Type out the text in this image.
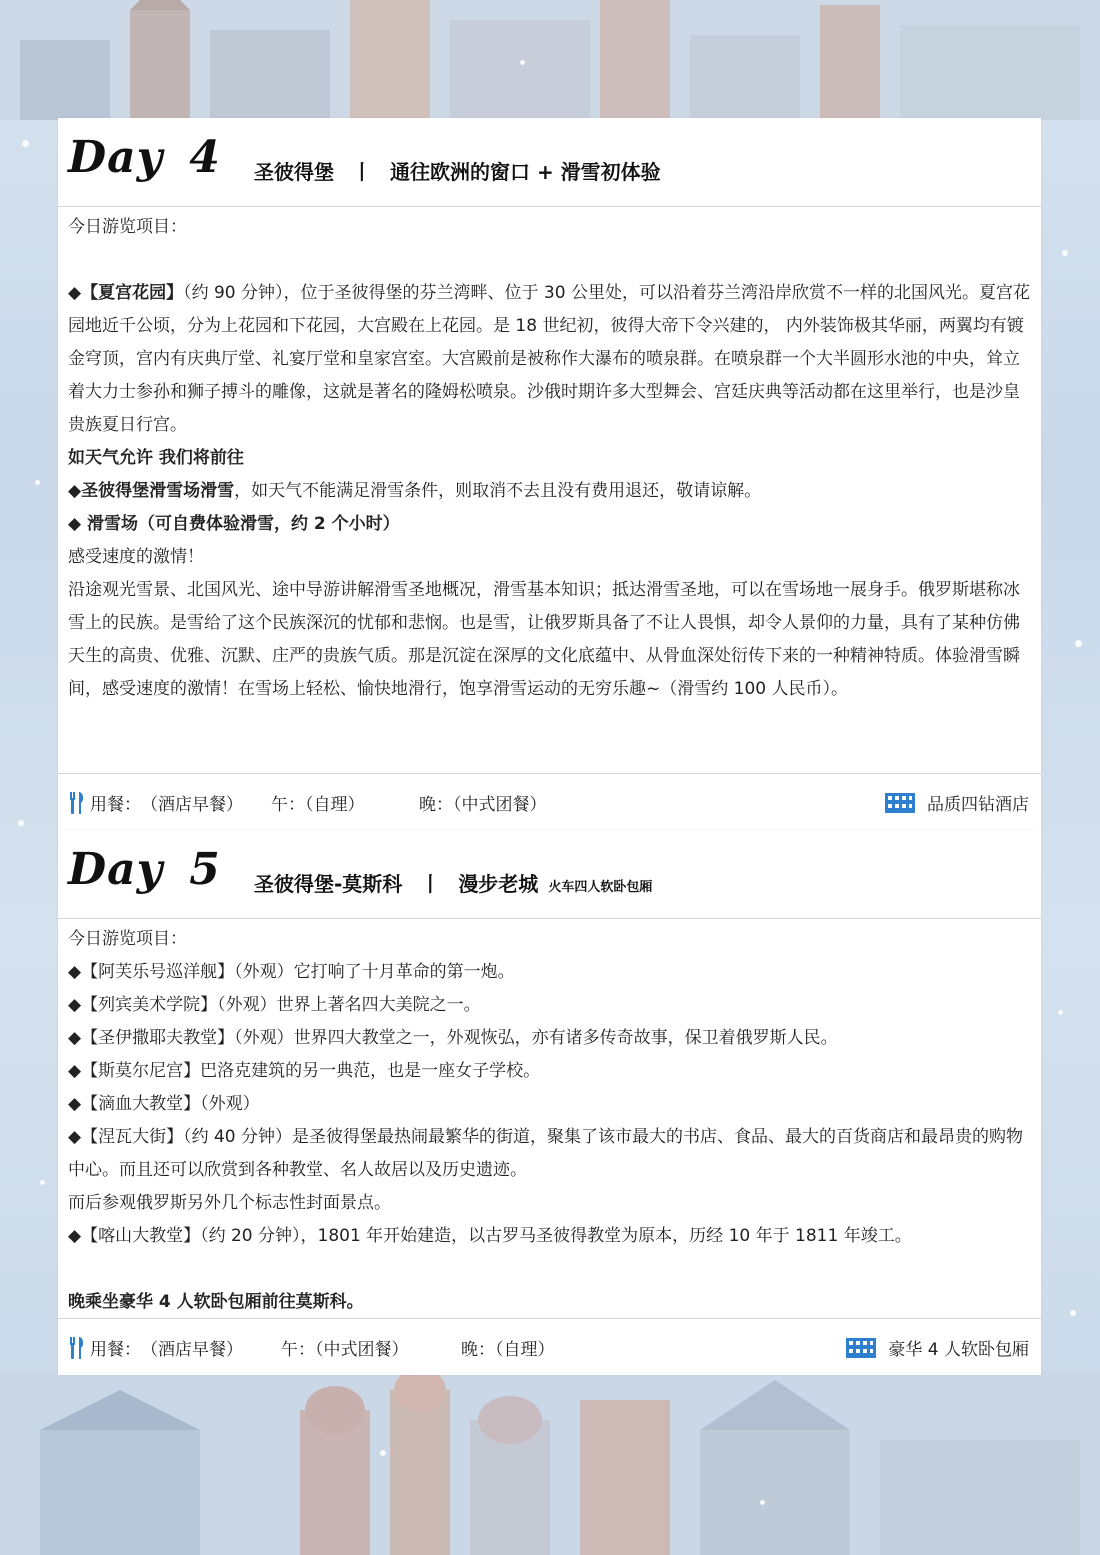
Day 4 圣彼得堡 丨 通往欧洲的窗口 + 滑雪初体验

今日游览项目：

◆【夏宫花园】（约 90 分钟），位于圣彼得堡的芬兰湾畔、位于 30 公里处，可以沿着芬兰湾沿岸欣赏不一样的北国风光。夏宫花园地近千公顷，分为上花园和下花园，大宫殿在上花园。是 18 世纪初，彼得大帝下令兴建的， 内外装饰极其华丽，两翼均有镀金穹顶，宫内有庆典厅堂、礼宴厅堂和皇家宫室。大宫殿前是被称作大瀑布的喷泉群。在喷泉群一个大半圆形水池的中央，耸立着大力士参孙和狮子搏斗的雕像，这就是著名的隆姆松喷泉。沙俄时期许多大型舞会、宫廷庆典等活动都在这里举行，也是沙皇贵族夏日行宫。

如天气允许 我们将前往

◆圣彼得堡滑雪场滑雪，如天气不能满足滑雪条件，则取消不去且没有费用退还，敬请谅解。

◆ 滑雪场（可自费体验滑雪，约 2 个小时）

感受速度的激情！

沿途观光雪景、北国风光、途中导游讲解滑雪圣地概况，滑雪基本知识；抵达滑雪圣地，可以在雪场地一展身手。俄罗斯堪称冰雪上的民族。是雪给了这个民族深沉的忧郁和悲悯。也是雪，让俄罗斯具备了不让人畏惧，却令人景仰的力量，具有了某种仿佛天生的高贵、优雅、沉默、庄严的贵族气质。那是沉淀在深厚的文化底蕴中、从骨血深处衍传下来的一种精神特质。体验滑雪瞬间，感受速度的激情！在雪场上轻松、愉快地滑行，饱享滑雪运动的无穷乐趣~（滑雪约 100 人民币）。

用餐： （酒店早餐）	午：（自理）	晚：（中式团餐）	品质四钻酒店
Day 5 圣彼得堡-莫斯科 丨 漫步老城 火车四人软卧包厢

今日游览项目：

◆【阿芙乐号巡洋舰】（外观）它打响了十月革命的第一炮。

◆【列宾美术学院】（外观）世界上著名四大美院之一。

◆【圣伊撒耶夫教堂】（外观）世界四大教堂之一，外观恢弘，亦有诸多传奇故事，保卫着俄罗斯人民。

◆【斯莫尔尼宫】巴洛克建筑的另一典范，也是一座女子学校。

◆【滴血大教堂】（外观）

◆【涅瓦大街】（约 40 分钟）是圣彼得堡最热闹最繁华的街道，聚集了该市最大的书店、食品、最大的百货商店和最昂贵的购物中心。而且还可以欣赏到各种教堂、名人故居以及历史遗迹。

而后参观俄罗斯另外几个标志性封面景点。

◆【喀山大教堂】（约 20 分钟），1801 年开始建造，以古罗马圣彼得教堂为原本，历经 10 年于 1811 年竣工。

晚乘坐豪华 4 人软卧包厢前往莫斯科。

用餐： （酒店早餐）	午：（中式团餐）	晚：（自理）	豪华 4 人软卧包厢
